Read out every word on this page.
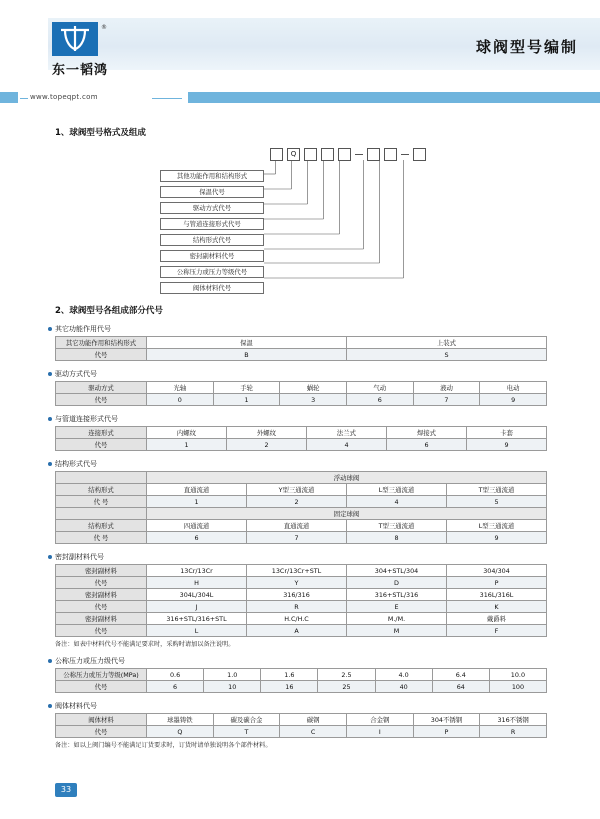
®
东一韬鸿
球阀型号编制
www.topeqpt.com
1、球阀型号格式及组成
Q
其他功能作用和结构形式
保温代号
驱动方式代号
与管道连接形式代号
结构形式代号
密封副材料代号
公称压力或压力等级代号
阀体材料代号
2、球阀型号各组成部分代号
其它功能作用代号
其它功能作用和结构形式	保温	上装式
代号	B	S
驱动方式代号
驱动方式	光轴	手轮	蜗轮	气动	液动	电动
代号	0	1	3	6	7	9
与管道连接形式代号
连接形式	内螺纹	外螺纹	法兰式	焊接式	卡套
代号	1	2	4	6	9
结构形式代号
	浮动球阀			
结构形式	直通流道	Y型三通流道	L型三通流道	T型三通流道
代 号	1	2	4	5
	固定球阀			
结构形式	四通流道	直通流道	T型三通流道	L型三通流道
代 号	6	7	8	9
密封副材料代号
密封副材料	13Cr/13Cr	13Cr/13Cr+STL	304+STL/304	304/304
代号	H	Y	D	P
密封副材料	304L/304L	316/316	316+STL/316	316L/316L
代号	J	R	E	K
密封副材料	316+STL/316+STL	H.C/H.C	M./M.	戴爵料
代号	L	A	M	F
备注：如表中材料代号不能满足要求时，采购时请加以备注说明。
公称压力或压力级代号
公称压力或压力等级(MPa)	0.6	1.0	1.6	2.5	4.0	6.4	10.0
代号	6	10	16	25	40	64	100
阀体材料代号
阀体材料	球墨铸铁	碳及碳合金	碳钢	合金钢	304不锈钢	316不锈钢
代号	Q	T	C	I	P	R
备注：如以上阀门编号不能满足订货要求时，订货时请单独说明各个部件材料。
33
